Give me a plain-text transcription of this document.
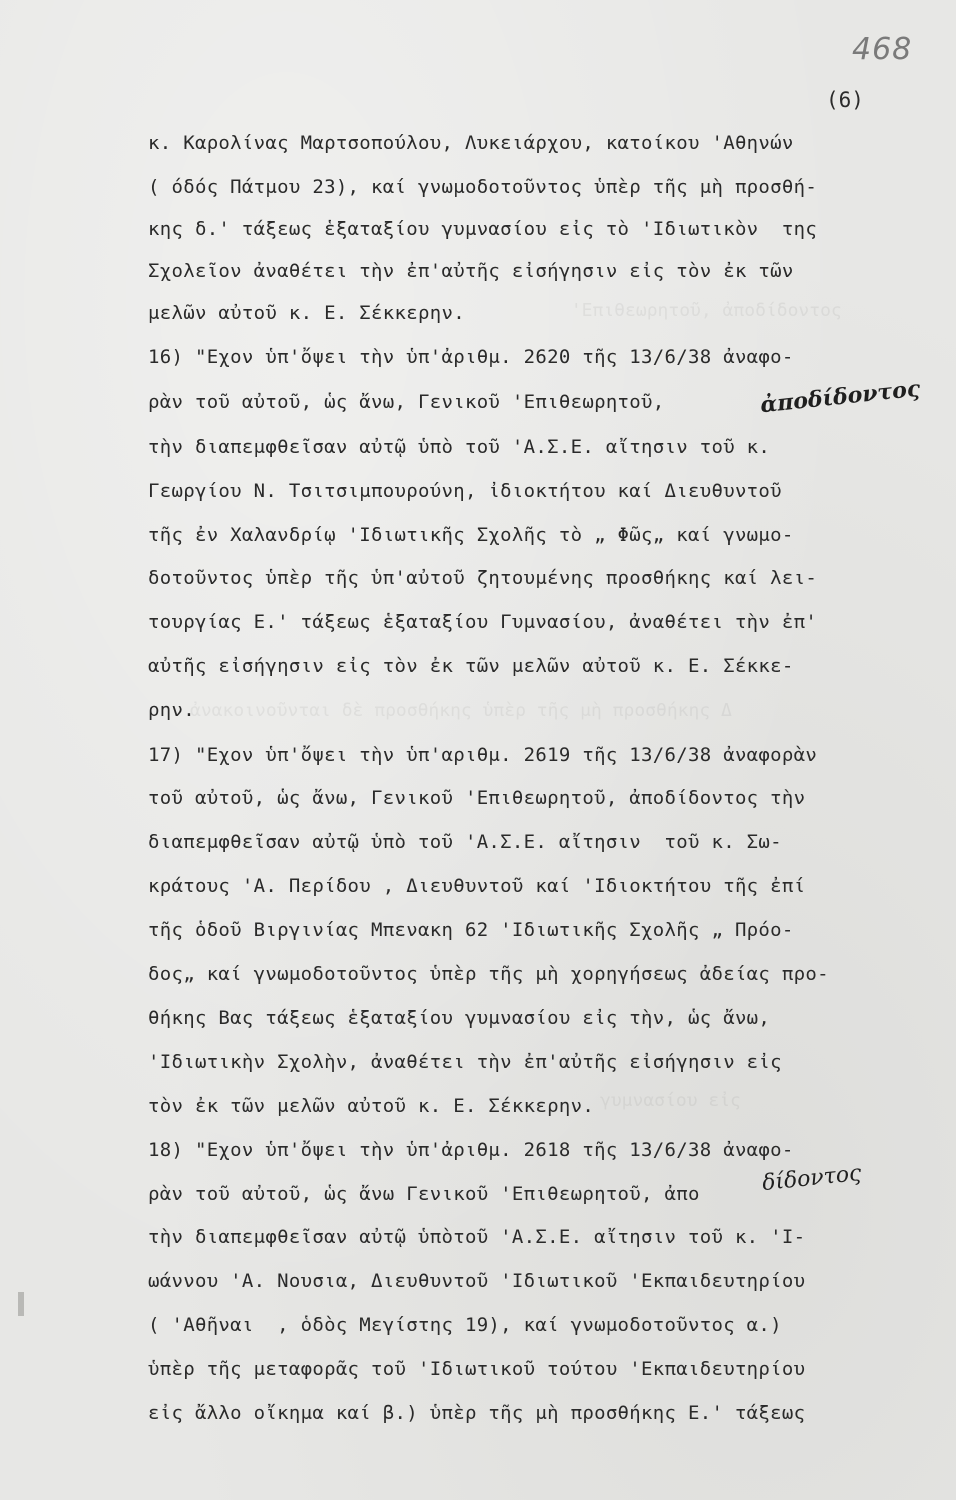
'Επιθεωρητοῦ, ἀποδίδοντος
ἀνακοινοῦνται δὲ προσθήκης ὑπὲρ τῆς μὴ προσθήκης Δ
γυμνασίου εἰς
468
(6)
κ. Καρολίνας Μαρτσοπούλου, Λυκειάρχου, κατοίκου 'Αθηνών
( όδός Πάτμου 23), καί γνωμοδοτοῦντος ὑπὲρ τῆς μὴ προσθή-
κης δ.' τάξεως ἑξαταξίου γυμνασίου εἰς τὸ 'Ιδιωτικὸν  της
Σχολεῖον ἀναθέτει τὴν ἐπ'αὐτῆς εἰσήγησιν εἰς τὸν ἐκ τῶν
μελῶν αὐτοῦ κ. Ε. Σέκκερην.
16) "Εχον ὑπ'ὄψει τὴν ὑπ'ἀριθμ. 2620 τῆς 13/6/38 ἀναφο-
ρὰν τοῦ αὐτοῦ, ὡς ἄνω, Γενικοῦ 'Επιθεωρητοῦ,
τὴν διαπεμφθεῖσαν αὐτῷ ὑπὸ τοῦ 'Α.Σ.Ε. αἴτησιν τοῦ κ.
Γεωργίου Ν. Τσιτσιμπουρούνη, ἰδιοκτήτου καί Διευθυντοῦ
τῆς ἐν Χαλανδρίῳ 'Ιδιωτικῆς Σχολῆς τὸ „ Φῶς„ καί γνωμο-
δοτοῦντος ὑπὲρ τῆς ὑπ'αὐτοῦ ζητουμένης προσθήκης καί λει-
τουργίας Ε.' τάξεως ἑξαταξίου Γυμνασίου, ἀναθέτει τὴν ἐπ'
αὐτῆς εἰσήγησιν εἰς τὸν ἐκ τῶν μελῶν αὐτοῦ κ. Ε. Σέκκε-
ρην.
17) "Εχον ὑπ'ὄψει τὴν ὑπ'αριθμ. 2619 τῆς 13/6/38 ἀναφορὰν
τοῦ αὐτοῦ, ὡς ἄνω, Γενικοῦ 'Επιθεωρητοῦ, ἀποδίδοντος τὴν
διαπεμφθεῖσαν αὐτῷ ὑπὸ τοῦ 'Α.Σ.Ε. αἴτησιν  τοῦ κ. Σω-
κράτους 'Α. Περίδου , Διευθυντοῦ καί 'Ιδιοκτήτου τῆς ἐπί
τῆς ὁδοῦ Βιργινίας Μπενακη 62 'Ιδιωτικῆς Σχολῆς „ Πρόο-
δος„ καί γνωμοδοτοῦντος ὑπὲρ τῆς μὴ χορηγήσεως ἀδείας προ-
θήκης Βας τάξεως ἑξαταξίου γυμνασίου εἰς τὴν, ὡς ἄνω,
'Ιδιωτικὴν Σχολὴν, ἀναθέτει τὴν ἐπ'αὐτῆς εἰσήγησιν εἰς
τὸν ἐκ τῶν μελῶν αὐτοῦ κ. Ε. Σέκκερην.
18) "Εχον ὑπ'ὄψει τὴν ὑπ'ἀριθμ. 2618 τῆς 13/6/38 ἀναφο-
ρὰν τοῦ αὐτοῦ, ὡς ἄνω Γενικοῦ 'Επιθεωρητοῦ, ἀπο
τὴν διαπεμφθεῖσαν αὐτῷ ὑπὸτοῦ 'Α.Σ.Ε. αἴτησιν τοῦ κ. 'Ι-
ωάννου 'Α. Νουσια, Διευθυντοῦ 'Ιδιωτικοῦ 'Εκπαιδευτηρίου
( 'Αθῆναι  , ὁδὸς Μεγίστης 19), καί γνωμοδοτοῦντος α.)
ὑπὲρ τῆς μεταφορᾶς τοῦ 'Ιδιωτικοῦ τούτου 'Εκπαιδευτηρίου
εἰς ἄλλο οἴκημα καί β.) ὑπὲρ τῆς μὴ προσθήκης Ε.' τάξεως
ἀποδίδοντος
δίδοντος
